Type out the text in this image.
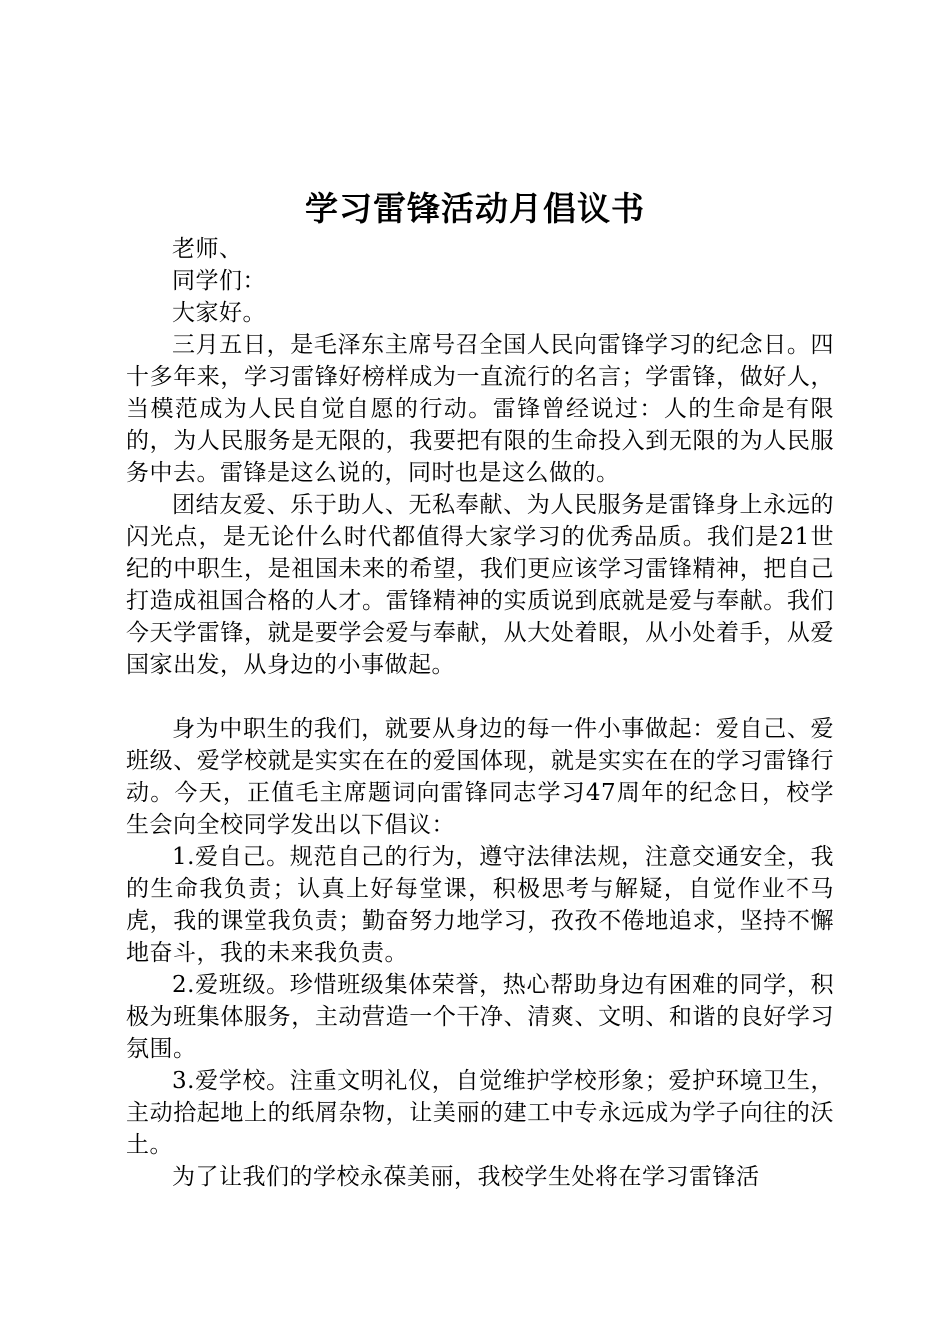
学习雷锋活动月倡议书

老师、

同学们：

大家好。

三月五日，是毛泽东主席号召全国人民向雷锋学习的纪念日。四十多年来，学习雷锋好榜样成为一直流行的名言；学雷锋，做好人，当模范成为人民自觉自愿的行动。雷锋曾经说过：人的生命是有限的，为人民服务是无限的，我要把有限的生命投入到无限的为人民服务中去。雷锋是这么说的，同时也是这么做的。

团结友爱、乐于助人、无私奉献、为人民服务是雷锋身上永远的闪光点，是无论什么时代都值得大家学习的优秀品质。我们是21世纪的中职生，是祖国未来的希望，我们更应该学习雷锋精神，把自己打造成祖国合格的人才。雷锋精神的实质说到底就是爱与奉献。我们今天学雷锋，就是要学会爱与奉献，从大处着眼，从小处着手，从爱国家出发，从身边的小事做起。

身为中职生的我们，就要从身边的每一件小事做起：爱自己、爱班级、爱学校就是实实在在的爱国体现，就是实实在在的学习雷锋行动。今天，正值毛主席题词向雷锋同志学习47周年的纪念日，校学生会向全校同学发出以下倡议：

1.爱自己。规范自己的行为，遵守法律法规，注意交通安全，我的生命我负责；认真上好每堂课，积极思考与解疑，自觉作业不马虎，我的课堂我负责；勤奋努力地学习，孜孜不倦地追求，坚持不懈地奋斗，我的未来我负责。

2.爱班级。珍惜班级集体荣誉，热心帮助身边有困难的同学，积极为班集体服务，主动营造一个干净、清爽、文明、和谐的良好学习氛围。

3.爱学校。注重文明礼仪，自觉维护学校形象；爱护环境卫生，主动拾起地上的纸屑杂物，让美丽的建工中专永远成为学子向往的沃土。

为了让我们的学校永葆美丽，我校学生处将在学习雷锋活
